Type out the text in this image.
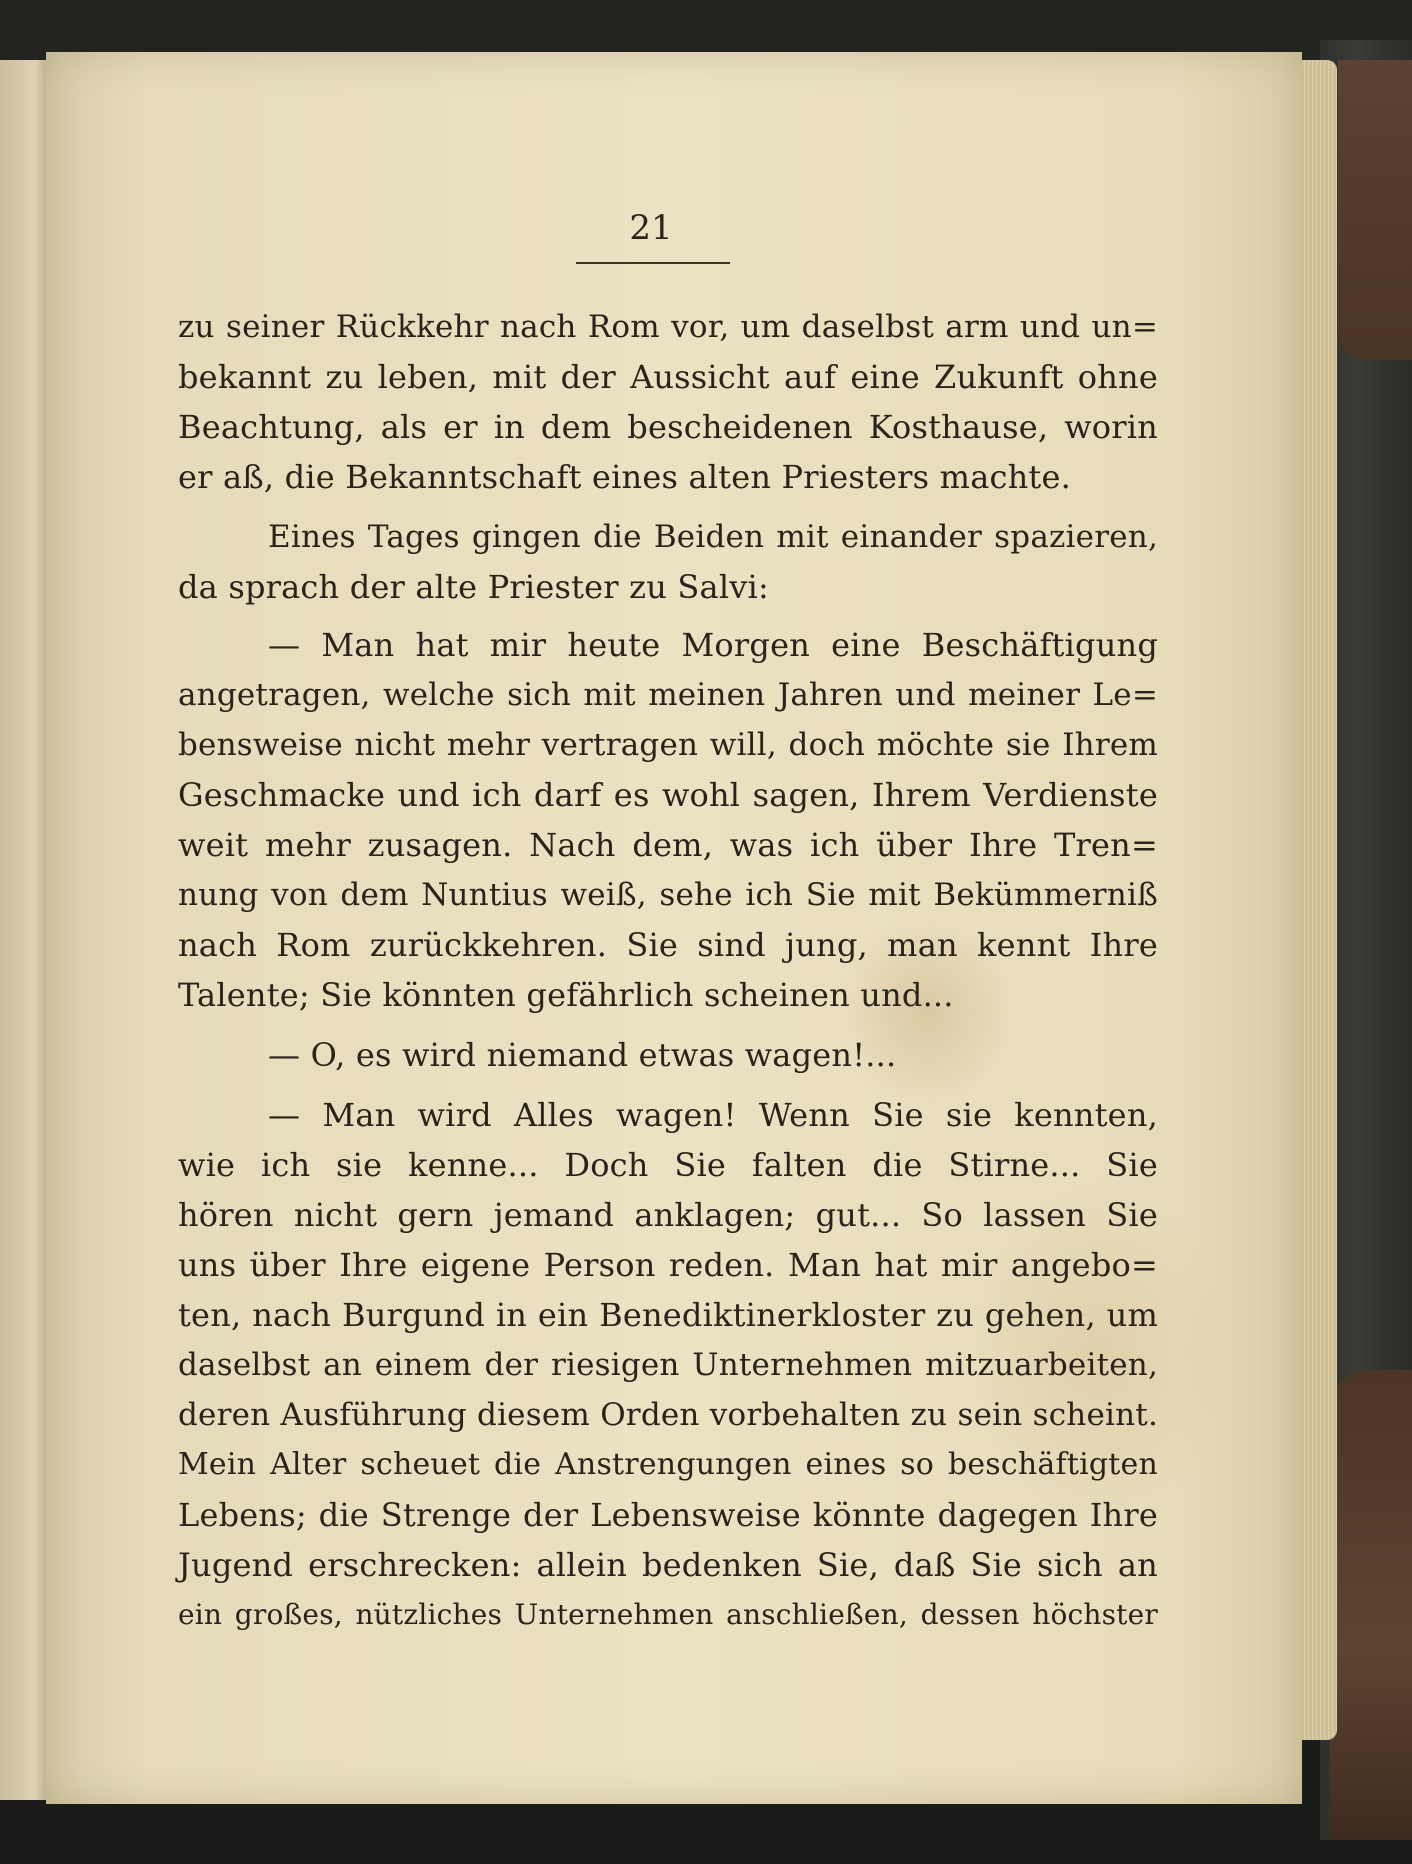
21
zu seiner Rückkehr nach Rom vor, um daselbst arm und un=
bekannt zu leben, mit der Aussicht auf eine Zukunft ohne
Beachtung, als er in dem bescheidenen Kosthause, worin
er aß, die Bekanntschaft eines alten Priesters machte.
Eines Tages gingen die Beiden mit einander spazieren,
da sprach der alte Priester zu Salvi:
— Man hat mir heute Morgen eine Beschäftigung
angetragen, welche sich mit meinen Jahren und meiner Le=
bensweise nicht mehr vertragen will, doch möchte sie Ihrem
Geschmacke und ich darf es wohl sagen, Ihrem Verdienste
weit mehr zusagen. Nach dem, was ich über Ihre Tren=
nung von dem Nuntius weiß, sehe ich Sie mit Bekümmerniß
nach Rom zurückkehren. Sie sind jung, man kennt Ihre
Talente; Sie könnten gefährlich scheinen und...
— O, es wird niemand etwas wagen!...
— Man wird Alles wagen! Wenn Sie sie kennten,
wie ich sie kenne... Doch Sie falten die Stirne... Sie
hören nicht gern jemand anklagen; gut... So lassen Sie
uns über Ihre eigene Person reden. Man hat mir angebo=
ten, nach Burgund in ein Benediktinerkloster zu gehen, um
daselbst an einem der riesigen Unternehmen mitzuarbeiten,
deren Ausführung diesem Orden vorbehalten zu sein scheint.
Mein Alter scheuet die Anstrengungen eines so beschäftigten
Lebens; die Strenge der Lebensweise könnte dagegen Ihre
Jugend erschrecken: allein bedenken Sie, daß Sie sich an
ein großes, nützliches Unternehmen anschließen, dessen höchster
